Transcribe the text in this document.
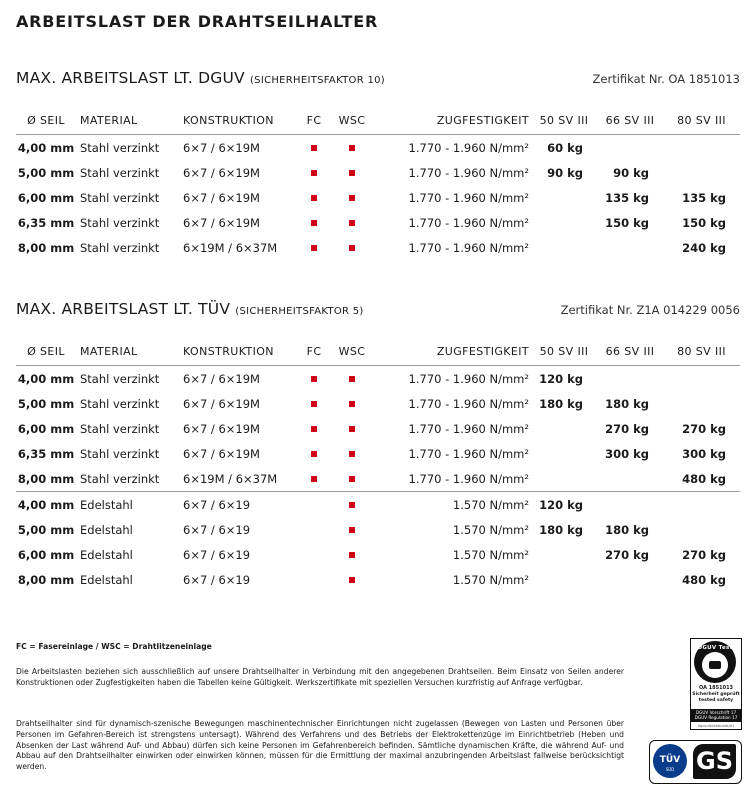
ARBEITSLAST DER DRAHTSEILHALTER
MAX. ARBEITSLAST LT. DGUV (SICHERHEITSFAKTOR 10)	Zertifikat Nr. OA 1851013
Ø SEIL	MATERIAL	KONSTRUKTION	FC	WSC	ZUGFESTIGKEIT	50 SV III	66 SV III	80 SV III
4,00 mm	Stahl verzinkt	6×7 / 6×19M			1.770 - 1.960 N/mm²	60 kg		
5,00 mm	Stahl verzinkt	6×7 / 6×19M			1.770 - 1.960 N/mm²	90 kg	90 kg	
6,00 mm	Stahl verzinkt	6×7 / 6×19M			1.770 - 1.960 N/mm²		135 kg	135 kg
6,35 mm	Stahl verzinkt	6×7 / 6×19M			1.770 - 1.960 N/mm²		150 kg	150 kg
8,00 mm	Stahl verzinkt	6×19M / 6×37M			1.770 - 1.960 N/mm²			240 kg
MAX. ARBEITSLAST LT. TÜV (SICHERHEITSFAKTOR 5)	Zertifikat Nr. Z1A 014229 0056
Ø SEIL	MATERIAL	KONSTRUKTION	FC	WSC	ZUGFESTIGKEIT	50 SV III	66 SV III	80 SV III
4,00 mm	Stahl verzinkt	6×7 / 6×19M			1.770 - 1.960 N/mm²	120 kg		
5,00 mm	Stahl verzinkt	6×7 / 6×19M			1.770 - 1.960 N/mm²	180 kg	180 kg	
6,00 mm	Stahl verzinkt	6×7 / 6×19M			1.770 - 1.960 N/mm²		270 kg	270 kg
6,35 mm	Stahl verzinkt	6×7 / 6×19M			1.770 - 1.960 N/mm²		300 kg	300 kg
8,00 mm	Stahl verzinkt	6×19M / 6×37M			1.770 - 1.960 N/mm²			480 kg
4,00 mm	Edelstahl	6×7 / 6×19			1.570 N/mm²	120 kg		
5,00 mm	Edelstahl	6×7 / 6×19			1.570 N/mm²	180 kg	180 kg	
6,00 mm	Edelstahl	6×7 / 6×19			1.570 N/mm²		270 kg	270 kg
8,00 mm	Edelstahl	6×7 / 6×19			1.570 N/mm²			480 kg
FC = Fasereinlage / WSC = Drahtlitzeneinlage
Die Arbeitslasten beziehen sich ausschließlich auf unsere Drahtseilhalter in Verbindung mit den angegebenen Drahtseilen. Beim Einsatz von Seilen anderer Konstruktionen oder Zugfestigkeiten haben die Tabellen keine Gültigkeit. Werkszertifikate mit speziellen Versuchen kurzfristig auf Anfrage verfügbar.
Drahtseilhalter sind für dynamisch-szenische Bewegungen maschinentechnischer Einrichtungen nicht zugelassen (Bewegen von Lasten und Personen über Personen im Gefahren-Bereich ist strengstens untersagt). Während des Verfahrens und des Betriebs der Elektrokettenzüge im Einrichtbetrieb (Heben und Absenken der Last während Auf- und Abbau) dürfen sich keine Personen im Gefahrenbereich befinden. Sämtliche dynamischen Kräfte, die während Auf- und Abbau auf den Drahtseilhalter einwirken oder einwirken können, müssen für die Ermittlung der maximal anzubringenden Arbeitslast fallweise berücksichtigt werden.
DGUV Test
OA 1851013
Sicherheit geprüft tested safety
DGUV Vorschrift 17 DGUV Regulation 17
dguv.de/webcode/d1
TÜV
SÜD GS
